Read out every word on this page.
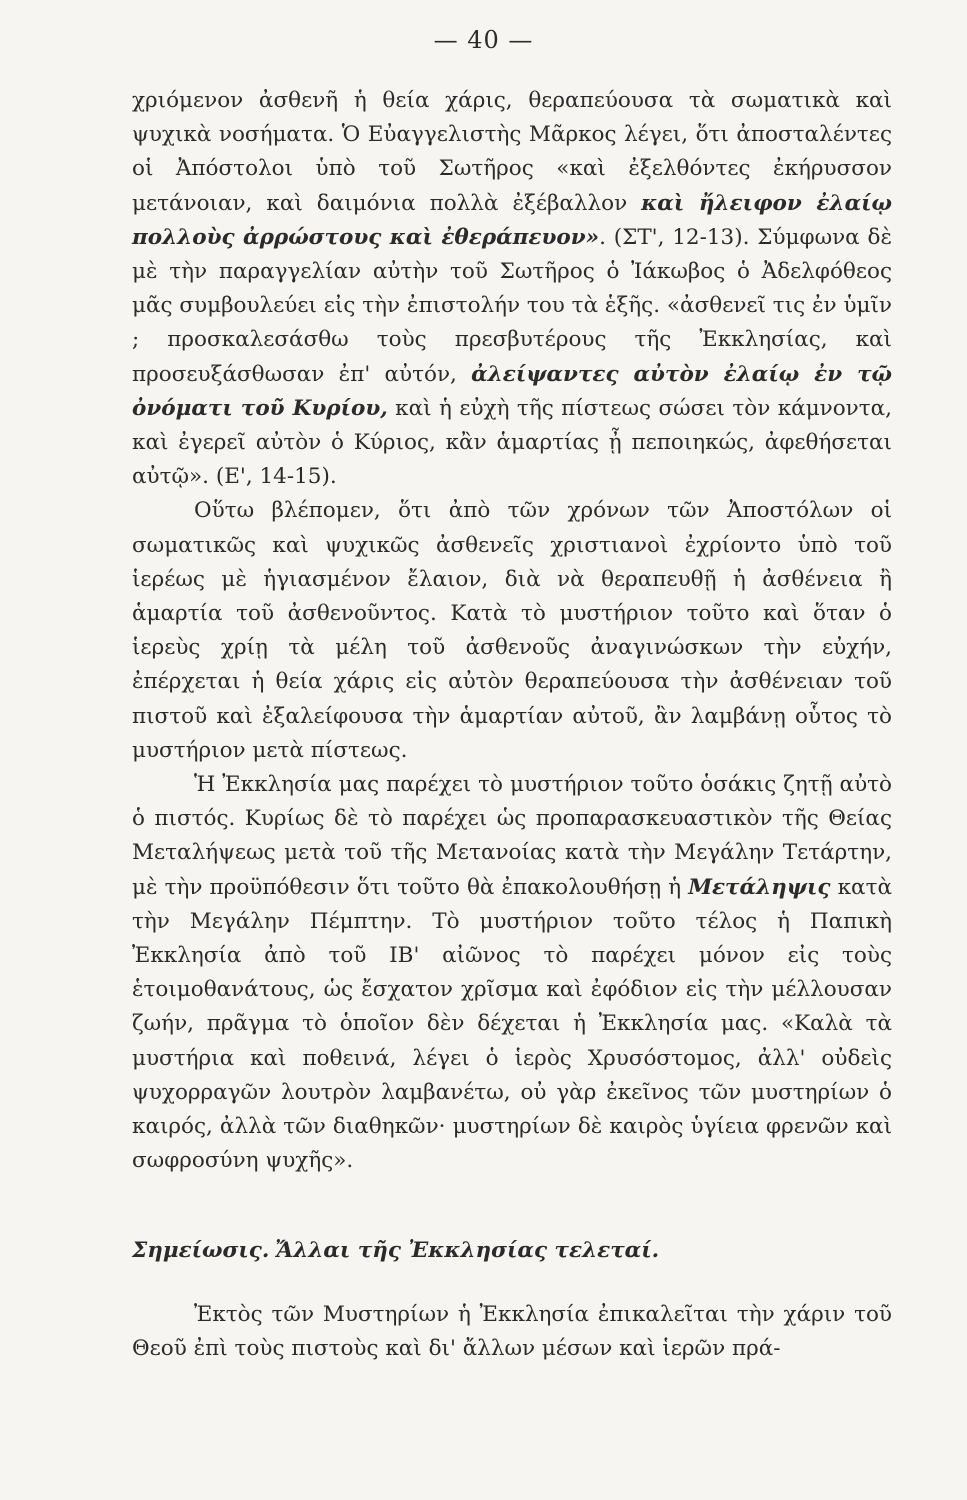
— 40 —

χριόμενον ἀσθενῆ ἡ θεία χάρις, θεραπεύουσα τὰ σωματικὰ καὶ ψυχικὰ νοσήματα. Ὁ Εὐαγγελιστὴς Μᾶρκος λέγει, ὅτι ἀποσταλέντες οἱ Ἀπόστολοι ὑπὸ τοῦ Σωτῆρος «καὶ ἐξελθόντες ἐκήρυσσον μετάνοιαν, καὶ δαιμόνια πολλὰ ἐξέβαλλον καὶ ἤλειφον ἐλαίῳ πολλοὺς ἀρρώστους καὶ ἐθεράπευον». (ΣΤ', 12-13). Σύμφωνα δὲ μὲ τὴν παραγγελίαν αὐτὴν τοῦ Σωτῆρος ὁ Ἰάκωβος ὁ Ἀδελφόθεος μᾶς συμβουλεύει εἰς τὴν ἐπιστολήν του τὰ ἑξῆς. «ἀσθενεῖ τις ἐν ὑμῖν ; προσκαλεσάσθω τοὺς πρεσβυτέρους τῆς Ἐκκλησίας, καὶ προσευξάσθωσαν ἐπ' αὐτόν, ἀλείψαντες αὐτὸν ἐλαίῳ ἐν τῷ ὀνόματι τοῦ Κυρίου, καὶ ἡ εὐχὴ τῆς πίστεως σώσει τὸν κάμνοντα, καὶ ἐγερεῖ αὐτὸν ὁ Κύριος, κἂν ἁμαρτίας ᾖ πεποιηκώς, ἀφεθήσεται αὐτῷ». (Ε', 14-15).

Οὕτω βλέπομεν, ὅτι ἀπὸ τῶν χρόνων τῶν Ἀποστόλων οἱ σωματικῶς καὶ ψυχικῶς ἀσθενεῖς χριστιανοὶ ἐχρίοντο ὑπὸ τοῦ ἱερέως μὲ ἡγιασμένον ἔλαιον, διὰ νὰ θεραπευθῇ ἡ ἀσθένεια ἢ ἁμαρτία τοῦ ἀσθενοῦντος. Κατὰ τὸ μυστήριον τοῦτο καὶ ὅταν ὁ ἱερεὺς χρίῃ τὰ μέλη τοῦ ἀσθενοῦς ἀναγινώσκων τὴν εὐχήν, ἐπέρχεται ἡ θεία χάρις εἰς αὐτὸν θεραπεύουσα τὴν ἀσθένειαν τοῦ πιστοῦ καὶ ἐξαλείφουσα τὴν ἁμαρτίαν αὐτοῦ, ἂν λαμβάνῃ οὗτος τὸ μυστήριον μετὰ πίστεως.

Ἡ Ἐκκλησία μας παρέχει τὸ μυστήριον τοῦτο ὁσάκις ζητῇ αὐτὸ ὁ πιστός. Κυρίως δὲ τὸ παρέχει ὡς προπαρασκευαστικὸν τῆς Θείας Μεταλήψεως μετὰ τοῦ τῆς Μετανοίας κατὰ τὴν Μεγάλην Τετάρτην, μὲ τὴν προϋπόθεσιν ὅτι τοῦτο θὰ ἐπακολουθήσῃ ἡ Μετάληψις κατὰ τὴν Μεγάλην Πέμπτην. Τὸ μυστήριον τοῦτο τέλος ἡ Παπικὴ Ἐκκλησία ἀπὸ τοῦ ΙΒ' αἰῶνος τὸ παρέχει μόνον εἰς τοὺς ἑτοιμοθανάτους, ὡς ἔσχατον χρῖσμα καὶ ἐφόδιον εἰς τὴν μέλλουσαν ζωήν, πρᾶγμα τὸ ὁποῖον δὲν δέχεται ἡ Ἐκκλησία μας. «Καλὰ τὰ μυστήρια καὶ ποθεινά, λέγει ὁ ἱερὸς Χρυσόστομος, ἀλλ' οὐδεὶς ψυχορραγῶν λουτρὸν λαμβανέτω, οὐ γὰρ ἐκεῖνος τῶν μυστηρίων ὁ καιρός, ἀλλὰ τῶν διαθηκῶν· μυστηρίων δὲ καιρὸς ὑγίεια φρενῶν καὶ σωφροσύνη ψυχῆς».

Σημείωσις. Ἄλλαι τῆς Ἐκκλησίας τελεταί.

Ἐκτὸς τῶν Μυστηρίων ἡ Ἐκκλησία ἐπικαλεῖται τὴν χάριν τοῦ Θεοῦ ἐπὶ τοὺς πιστοὺς καὶ δι' ἄλλων μέσων καὶ ἱερῶν πρά-
